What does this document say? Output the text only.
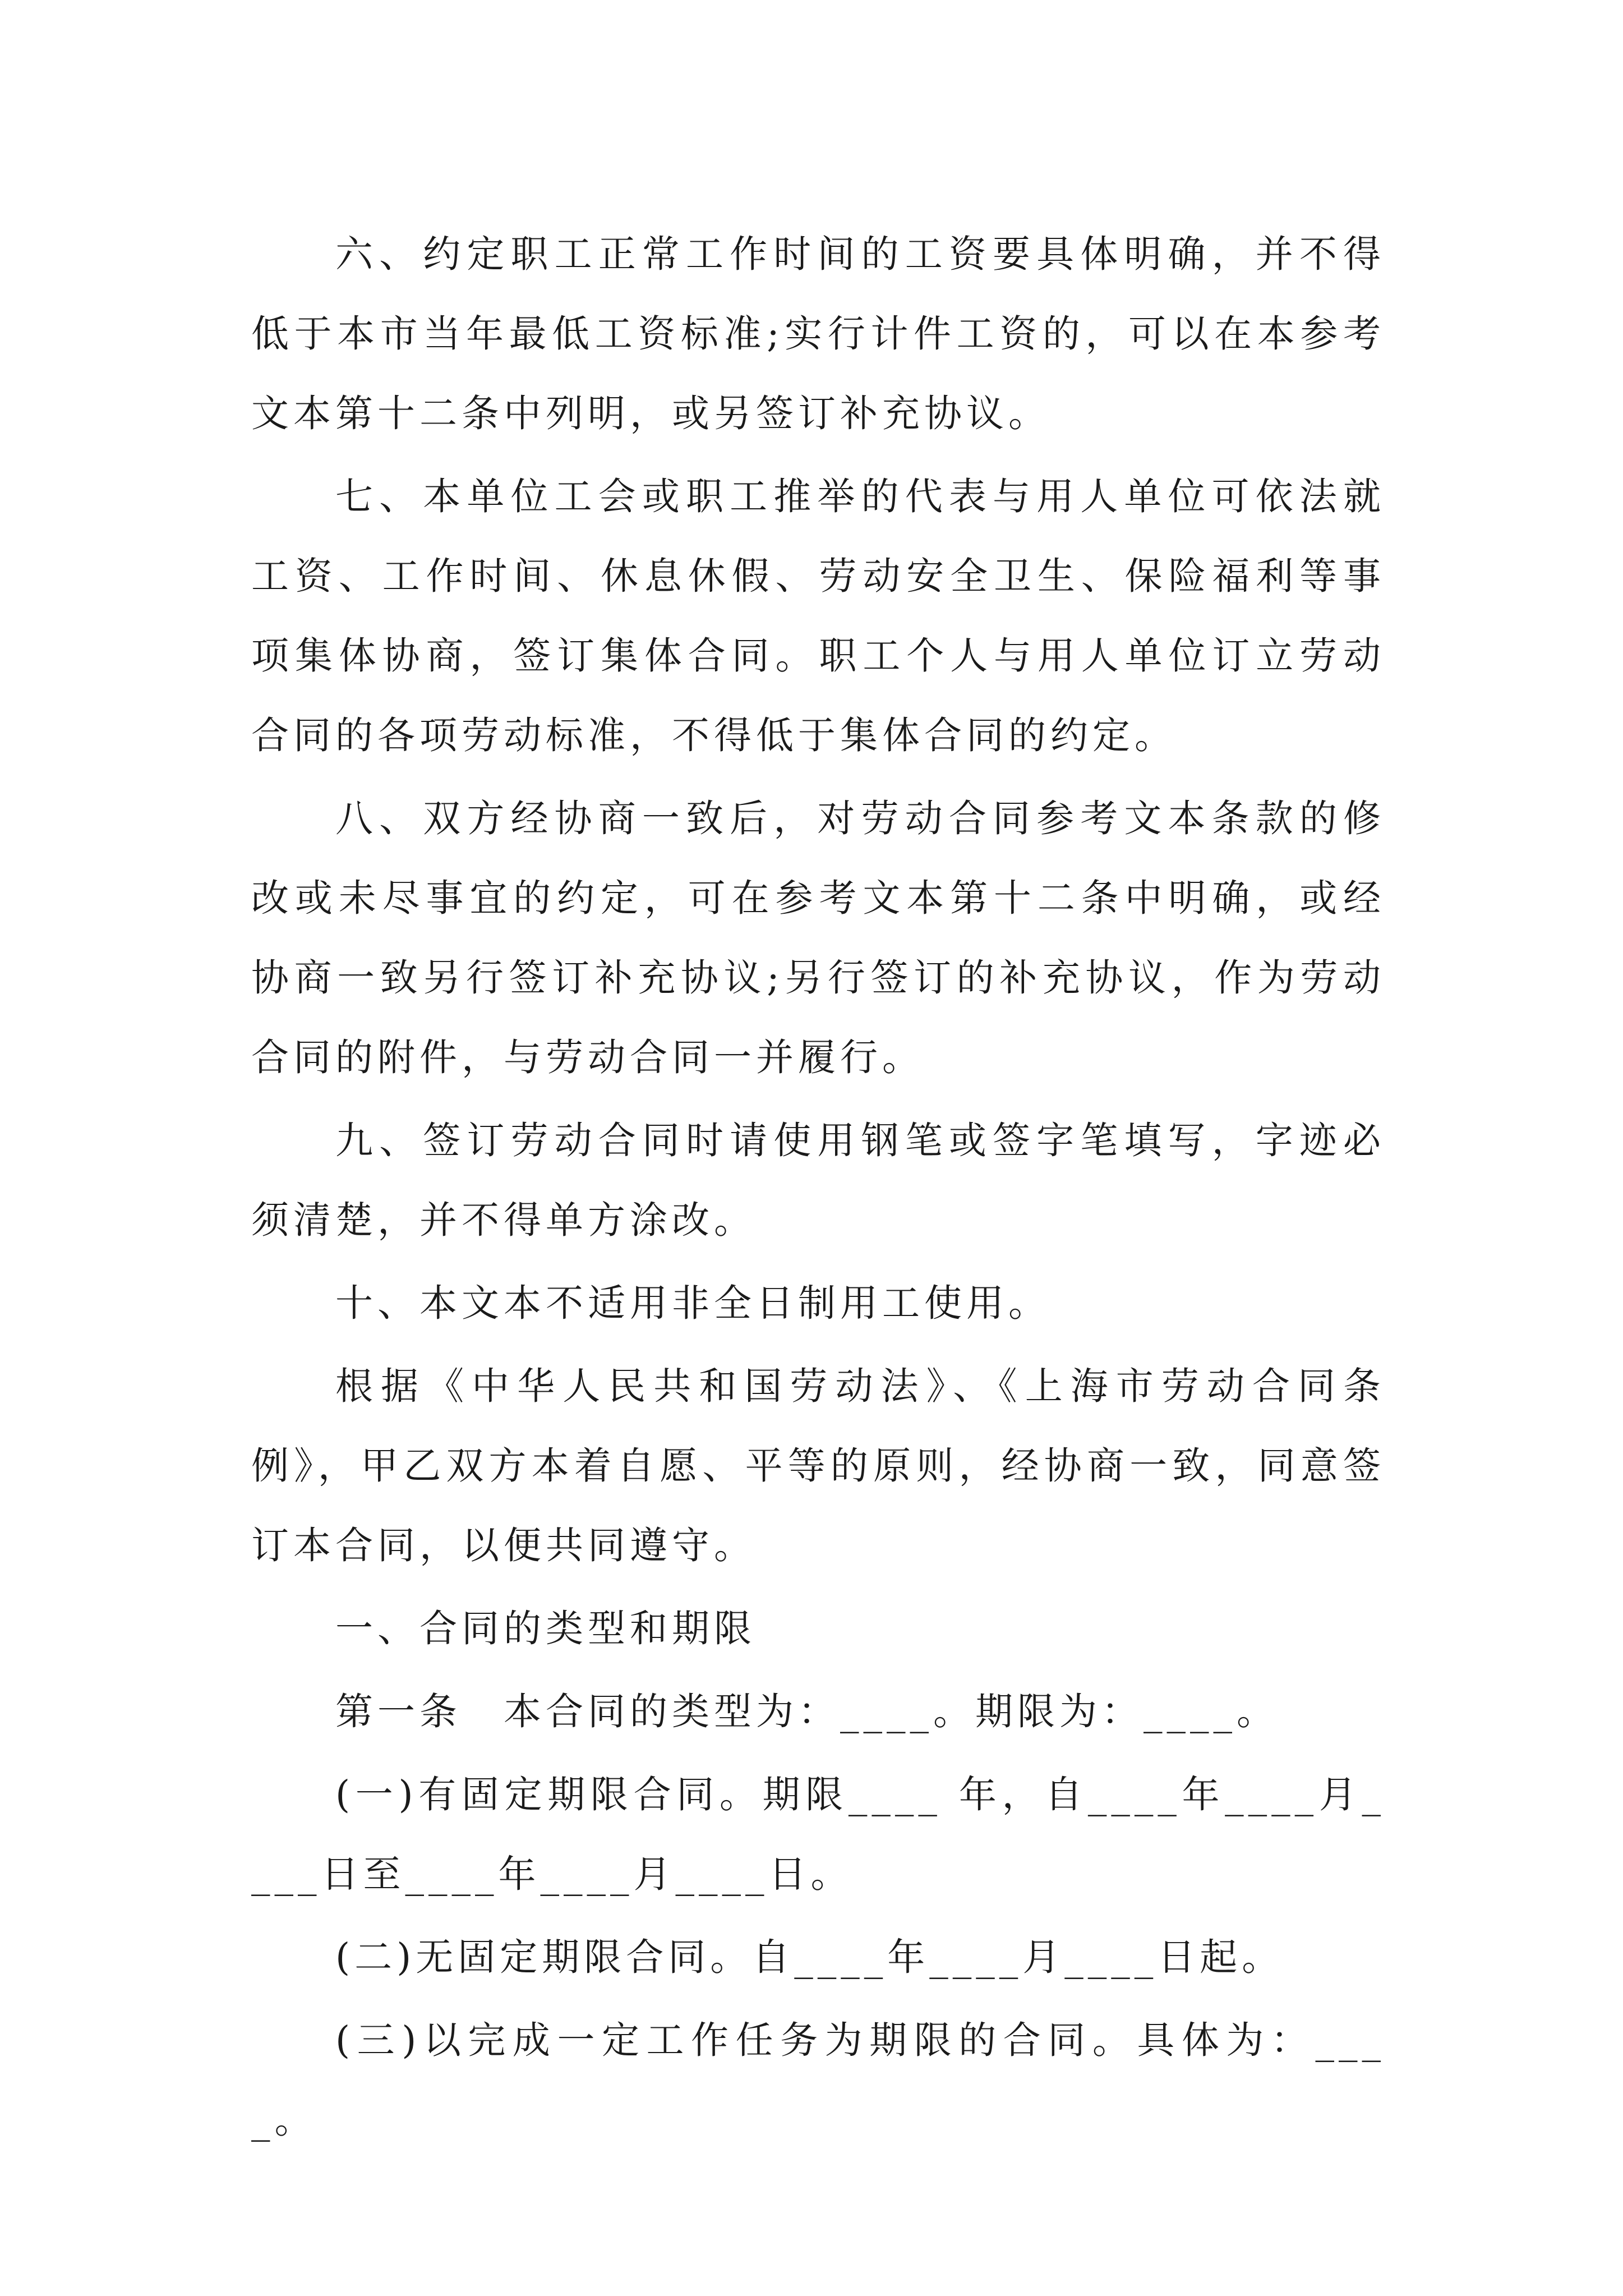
六、约定职工正常工作时间的工资要具体明确，并不得低于本市当年最低工资标准;实行计件工资的，可以在本参考文本第十二条中列明，或另签订补充协议。

七、本单位工会或职工推举的代表与用人单位可依法就工资、工作时间、休息休假、劳动安全卫生、保险福利等事项集体协商，签订集体合同。职工个人与用人单位订立劳动合同的各项劳动标准，不得低于集体合同的约定。

八、双方经协商一致后，对劳动合同参考文本条款的修改或未尽事宜的约定，可在参考文本第十二条中明确，或经协商一致另行签订补充协议;另行签订的补充协议，作为劳动合同的附件，与劳动合同一并履行。

九、签订劳动合同时请使用钢笔或签字笔填写，字迹必须清楚，并不得单方涂改。

十、本文本不适用非全日制用工使用。

根据《中华人民共和国劳动法》、《上海市劳动合同条例》，甲乙双方本着自愿、平等的原则，经协商一致，同意签订本合同，以便共同遵守。

一、合同的类型和期限

第一条　本合同的类型为：____。期限为：____。

(一)有固定期限合同。期限____ 年，自____年____月____日至____年____月____日。

(二)无固定期限合同。自____年____月____日起。

(三)以完成一定工作任务为期限的合同。具体为：____。
